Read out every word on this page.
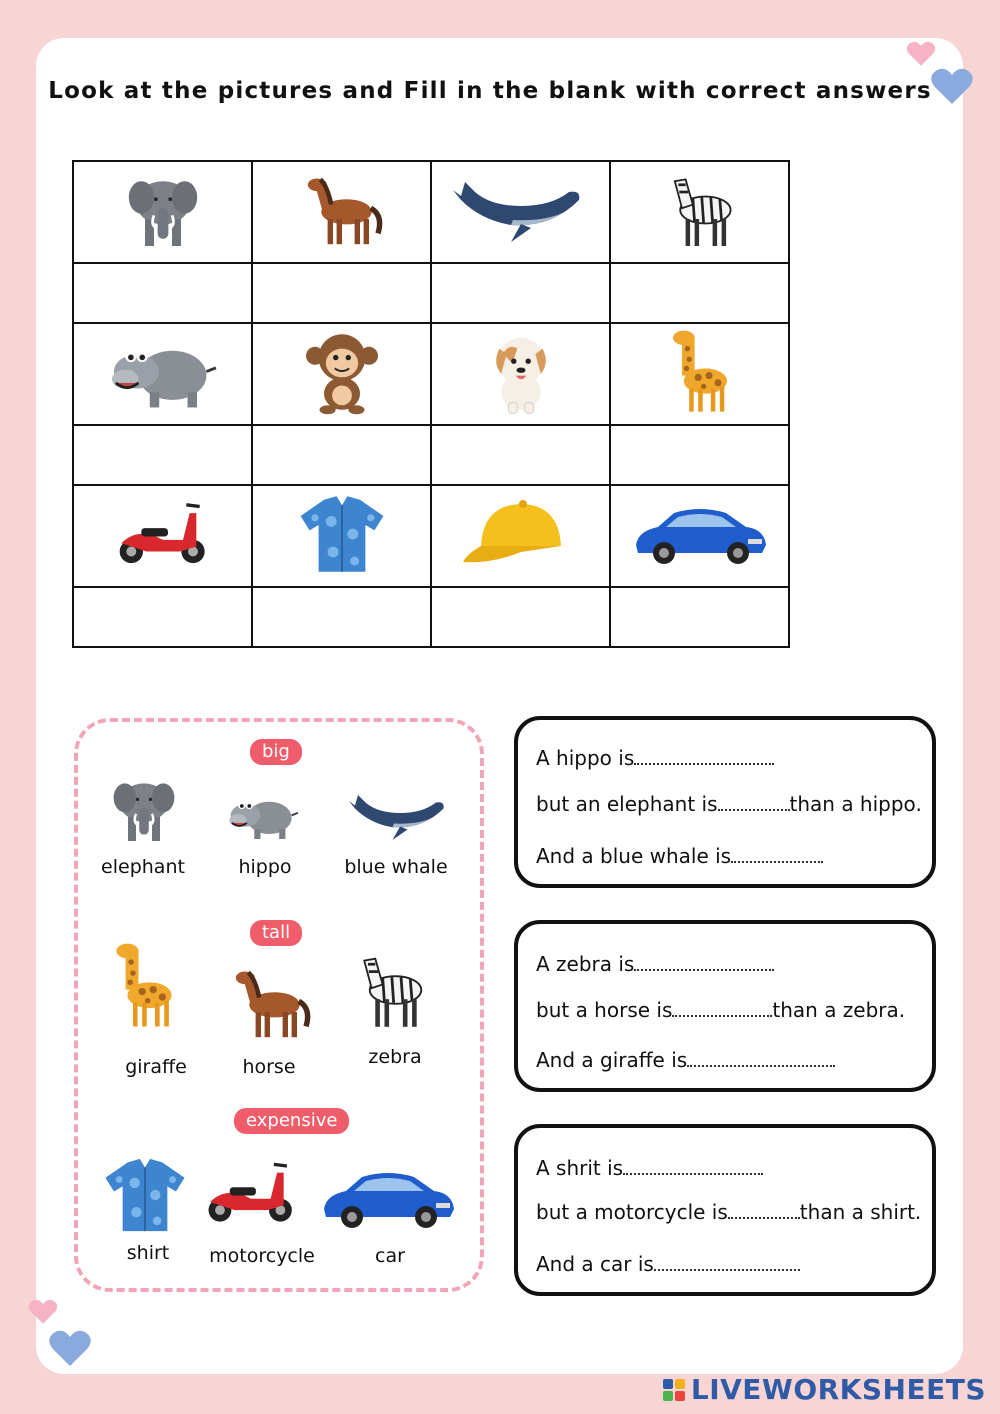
Look at the pictures and Fill in the blank with correct answers

big
elephant	hippo	blue whale
tall
giraffe	horse	zebra
expensive
shirt	motorcycle	car
A hippo is
but an elephant is	than a hippo.
And a blue whale is
A zebra is
but a horse is	than a zebra.
And a giraffe is
A shrit is
but a motorcycle is	than a shirt.
And a car is
LIVEWORKSHEETS
